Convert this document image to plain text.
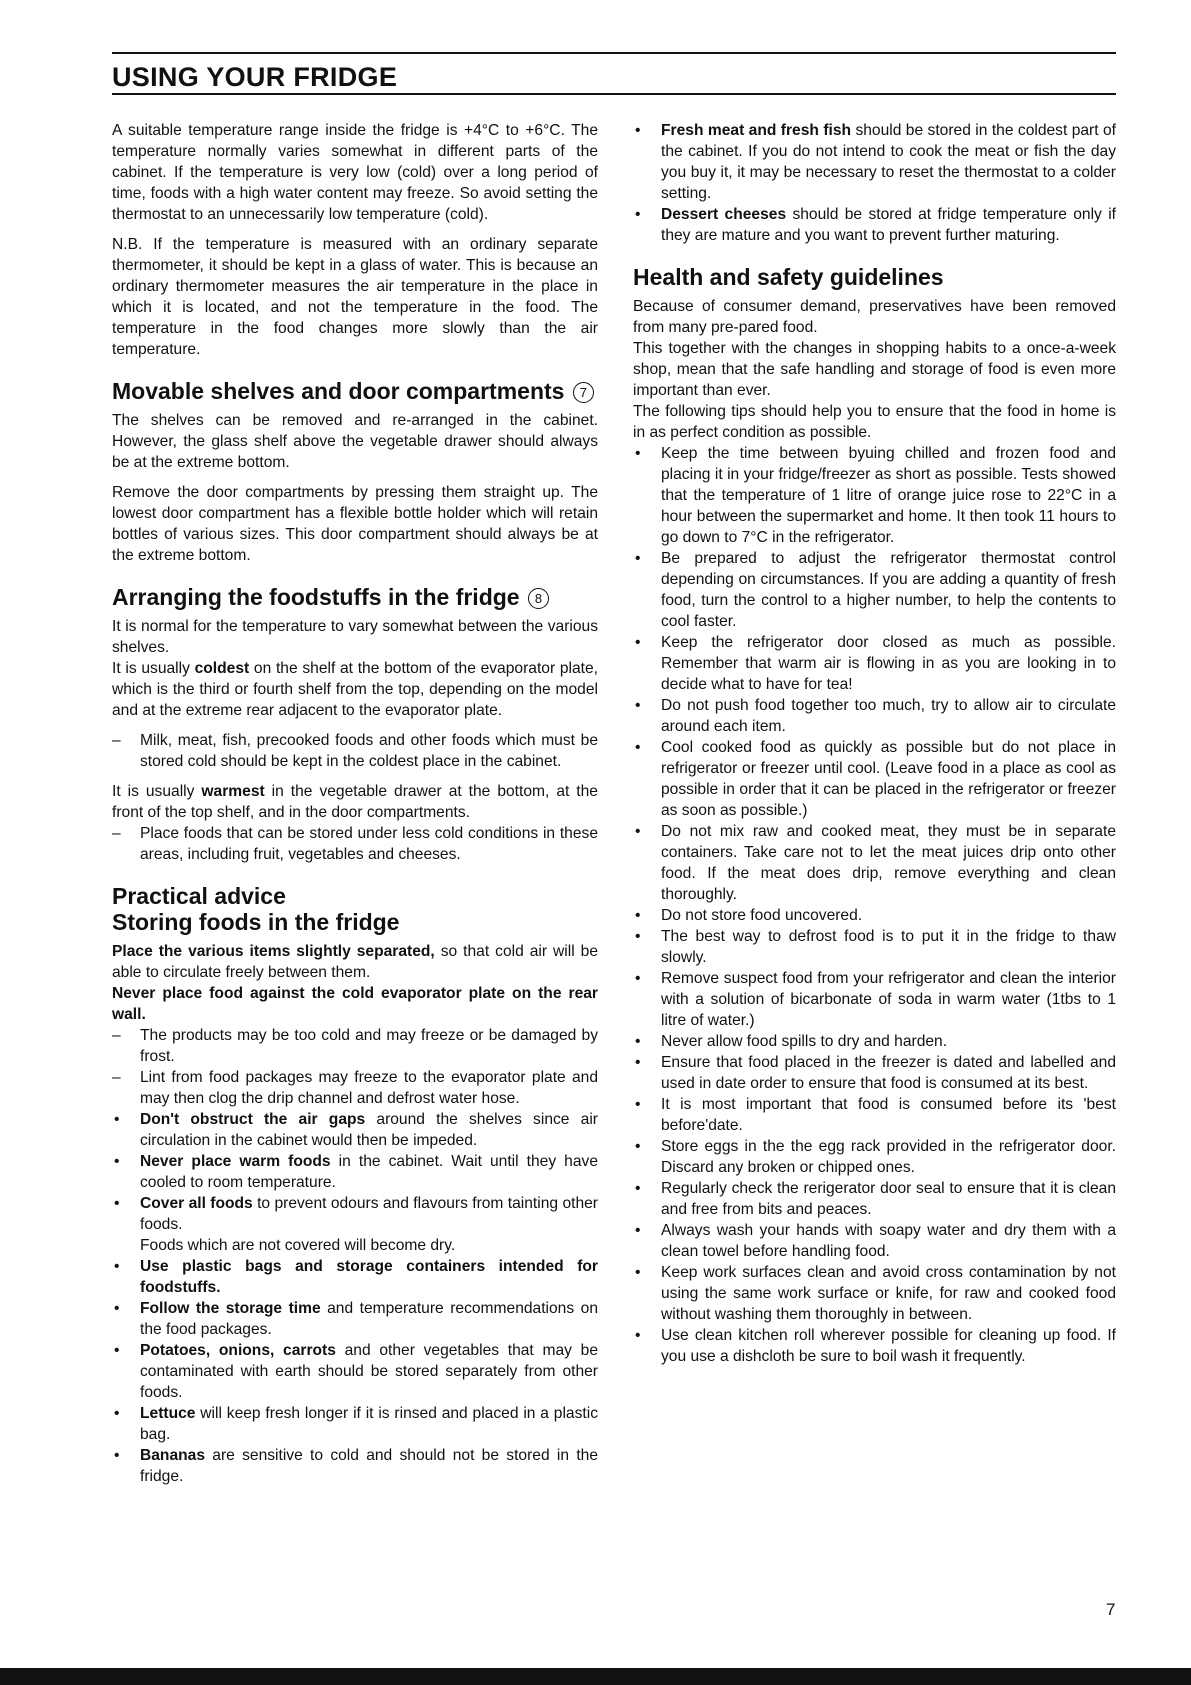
USING YOUR FRIDGE

A suitable temperature range inside the fridge is +4°C to +6°C. The temperature normally varies somewhat in different parts of the cabinet. If the temperature is very low (cold) over a long period of time, foods with a high water content may freeze. So avoid setting the thermostat to an unnecessarily low temperature (cold).

N.B. If the temperature is measured with an ordinary separate thermometer, it should be kept in a glass of water. This is because an ordinary thermometer measures the air temperature in the place in which it is located, and not the temperature in the food. The temperature in the food changes more slowly than the air temperature.

Movable shelves and door compartments 7

The shelves can be removed and re-arranged in the cabinet. However, the glass shelf above the vegetable drawer should always be at the extreme bottom.

Remove the door compartments by pressing them straight up. The lowest door compartment has a flexible bottle holder which will retain bottles of various sizes. This door compartment should always be at the extreme bottom.

Arranging the foodstuffs in the fridge 8

It is normal for the temperature to vary somewhat between the various shelves.

It is usually coldest on the shelf at the bottom of the evaporator plate, which is the third or fourth shelf from the top, depending on the model and at the extreme rear adjacent to the evaporator plate.

– Milk, meat, fish, precooked foods and other foods which must be stored cold should be kept in the coldest place in the cabinet.

It is usually warmest in the vegetable drawer at the bottom, at the front of the top shelf, and in the door compartments.

– Place foods that can be stored under less cold conditions in these areas, including fruit, vegetables and cheeses.
Practical advice
Storing foods in the fridge

Place the various items slightly separated, so that cold air will be able to circulate freely between them.

Never place food against the cold evaporator plate on the rear wall.

– The products may be too cold and may freeze or be damaged by frost.
– Lint from food packages may freeze to the evaporator plate and may then clog the drip channel and defrost water hose.
• Don't obstruct the air gaps around the shelves since air circulation in the cabinet would then be impeded.
• Never place warm foods in the cabinet. Wait until they have cooled to room temperature.
• Cover all foods to prevent odours and flavours from tainting other foods.
Foods which are not covered will become dry.
• Use plastic bags and storage containers intended for foodstuffs.
• Follow the storage time and temperature recommendations on the food packages.
• Potatoes, onions, carrots and other vegetables that may be contaminated with earth should be stored separately from other foods.
• Lettuce will keep fresh longer if it is rinsed and placed in a plastic bag.
• Bananas are sensitive to cold and should not be stored in the fridge.
• Fresh meat and fresh fish should be stored in the coldest part of the cabinet. If you do not intend to cook the meat or fish the day you buy it, it may be necessary to reset the thermostat to a colder setting.
• Dessert cheeses should be stored at fridge temperature only if they are mature and you want to prevent further maturing.
Health and safety guidelines

Because of consumer demand, preservatives have been removed from many pre-pared food.

This together with the changes in shopping habits to a once-a-week shop, mean that the safe handling and storage of food is even more important than ever.

The following tips should help you to ensure that the food in home is in as perfect condition as possible.

• Keep the time between byuing chilled and frozen food and placing it in your fridge/freezer as short as possible. Tests showed that the temperature of 1 litre of orange juice rose to 22°C in a hour between the supermarket and home. It then took 11 hours to go down to 7°C in the refrigerator.
• Be prepared to adjust the refrigerator thermostat control depending on circumstances. If you are adding a quantity of fresh food, turn the control to a higher number, to help the contents to cool faster.
• Keep the refrigerator door closed as much as possible. Remember that warm air is flowing in as you are looking in to decide what to have for tea!
• Do not push food together too much, try to allow air to circulate around each item.
• Cool cooked food as quickly as possible but do not place in refrigerator or freezer until cool. (Leave food in a place as cool as possible in order that it can be placed in the refrigerator or freezer as soon as possible.)
• Do not mix raw and cooked meat, they must be in separate containers. Take care not to let the meat juices drip onto other food. If the meat does drip, remove everything and clean thoroughly.
• Do not store food uncovered.
• The best way to defrost food is to put it in the fridge to thaw slowly.
• Remove suspect food from your refrigerator and clean the interior with a solution of bicarbonate of soda in warm water (1tbs to 1 litre of water.)
• Never allow food spills to dry and harden.
• Ensure that food placed in the freezer is dated and labelled and used in date order to ensure that food is consumed at its best.
• It is most important that food is consumed before its 'best before'date.
• Store eggs in the the egg rack provided in the refrigerator door. Discard any broken or chipped ones.
• Regularly check the rerigerator door seal to ensure that it is clean and free from bits and peaces.
• Always wash your hands with soapy water and dry them with a clean towel before handling food.
• Keep work surfaces clean and avoid cross contamination by not using the same work surface or knife, for raw and cooked food without washing them thoroughly in between.
• Use clean kitchen roll wherever possible for cleaning up food. If you use a dishcloth be sure to boil wash it frequently.
7
